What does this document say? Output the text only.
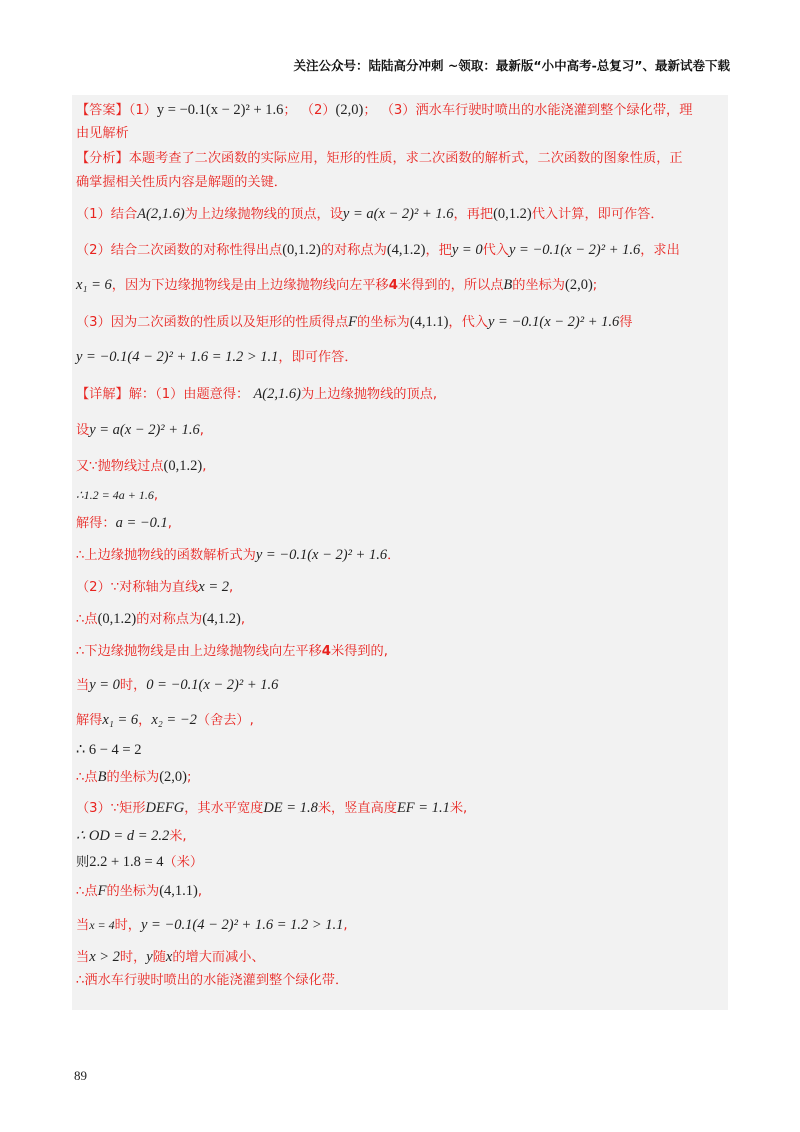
关注公众号：陆陆高分冲刺 ~领取：最新版“小中高考-总复习”、最新试卷下载
【答案】（1）y = −0.1(x − 2)² + 1.6； （2）(2,0)； （3）洒水车行驶时喷出的水能浇灌到整个绿化带，理
由见解析
【分析】本题考查了二次函数的实际应用，矩形的性质，求二次函数的解析式，二次函数的图象性质，正
确掌握相关性质内容是解题的关键．
（1）结合A(2,1.6)为上边缘抛物线的顶点，设y = a(x − 2)² + 1.6，再把(0,1.2)代入计算，即可作答．
（2）结合二次函数的对称性得出点(0,1.2)的对称点为(4,1.2)，把y = 0代入y = −0.1(x − 2)² + 1.6，求出
x₁ = 6，因为下边缘抛物线是由上边缘抛物线向左平移4米得到的，所以点B的坐标为(2,0);
（3）因为二次函数的性质以及矩形的性质得点F的坐标为(4,1.1)，代入y = −0.1(x − 2)² + 1.6得
y = −0.1(4 − 2)² + 1.6 = 1.2 > 1.1，即可作答．
【详解】解：（1）由题意得： A(2,1.6)为上边缘抛物线的顶点,
设y = a(x − 2)² + 1.6,
又∵抛物线过点(0,1.2),
∴1.2 = 4a + 1.6,
解得：a = −0.1,
∴上边缘抛物线的函数解析式为y = −0.1(x − 2)² + 1.6．
（2）∵对称轴为直线x = 2,
∴点(0,1.2)的对称点为(4,1.2),
∴下边缘抛物线是由上边缘抛物线向左平移4米得到的,
当y = 0时，0 = −0.1(x − 2)² + 1.6
解得x₁ = 6，x₂ = −2（舍去）,
∴ 6 − 4 = 2
∴点B的坐标为(2,0);
（3）∵矩形DEFG，其水平宽度DE = 1.8米，竖直高度EF = 1.1米,
∴ OD = d = 2.2米,
则2.2 + 1.8 = 4（米）
∴点F的坐标为(4,1.1),
当x = 4时，y = −0.1(4 − 2)² + 1.6 = 1.2 > 1.1,
当x > 2时，y随x的增大而减小、
∴洒水车行驶时喷出的水能浇灌到整个绿化带．
89
